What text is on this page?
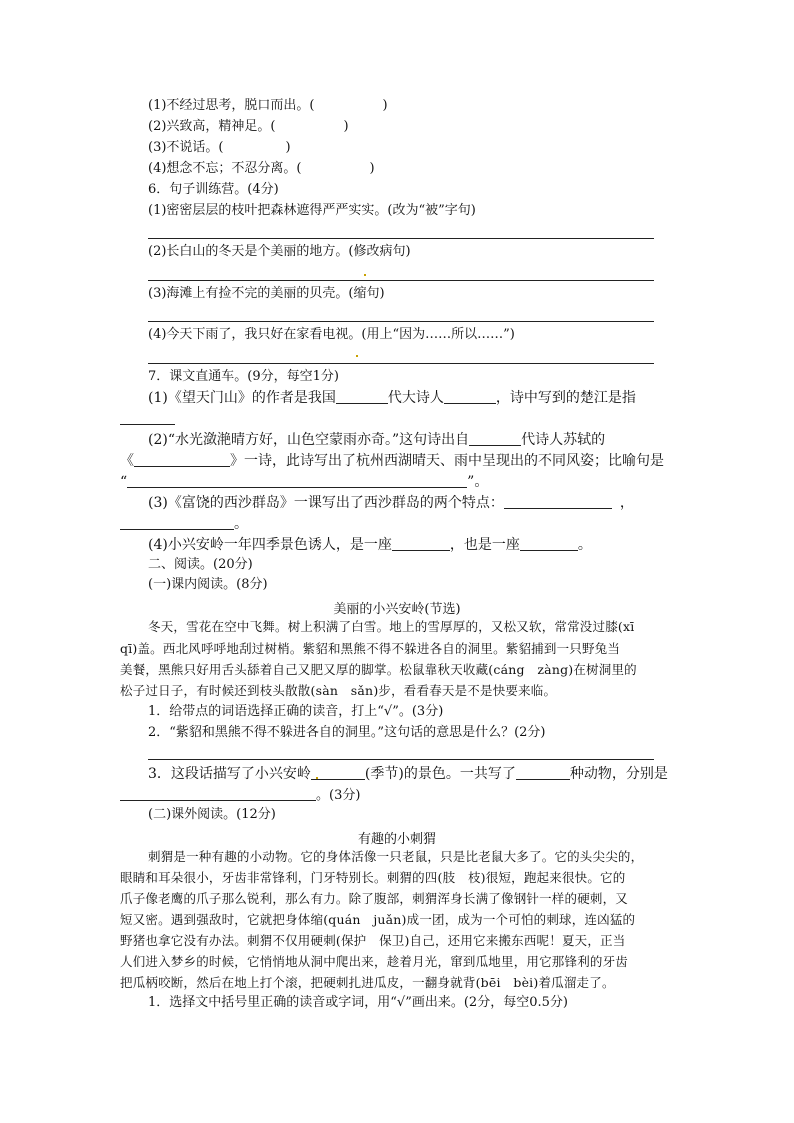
(1)不经过思考，脱口而出。(	)
(2)兴致高，精神足。(	)
(3)不说话。(	)
(4)想念不忘；不忍分离。(	)
6．句子训练营。(4分)
(1)密密层层的枝叶把森林遮得严严实实。(改为“被”字句)
(2)长白山的冬天是个美丽的地方。(修改病句)
(3)海滩上有捡不完的美丽的贝壳。(缩句)
(4)今天下雨了，我只好在家看电视。(用上“因为……所以……”)
7．课文直通车。(9分，每空1分)
(1)《望天门山》的作者是我国	代大诗人	，诗中写到的楚江是指
(2)“水光潋滟晴方好，山色空蒙雨亦奇。”这句诗出自	代诗人苏轼的
《	》一诗，此诗写出了杭州西湖晴天、雨中呈现出的不同风姿；比喻句是
“	”。
(3)《富饶的西沙群岛》一课写出了西沙群岛的两个特点：	，
。
(4)小兴安岭一年四季景色诱人，是一座	，也是一座	。
二、阅读。(20分)
(一)课内阅读。(8分)
美丽的小兴安岭(节选)
冬天，雪花在空中飞舞。树上积满了白雪。地上的雪厚厚的，又松又软，常常没过膝(xī
qī)盖。西北风呼呼地刮过树梢。紫貂和黑熊不得不躲进各自的洞里。紫貂捕到一只野兔当
美餐，黑熊只好用舌头舔着自己又肥又厚的脚掌。松鼠靠秋天收藏(cáng　zàng)在树洞里的
松子过日子，有时候还到枝头散散(sàn　sǎn)步，看看春天是不是快要来临。
1．给带点的词语选择正确的读音，打上“√”。(3分)
2．“紫貂和黑熊不得不躲进各自的洞里。”这句话的意思是什么？(2分)
3．这段话描写了小兴安岭	(季节)的景色。一共写了	种动物，分别是
。(3分)
(二)课外阅读。(12分)
有趣的小刺猬
刺猬是一种有趣的小动物。它的身体活像一只老鼠，只是比老鼠大多了。它的头尖尖的，
眼睛和耳朵很小，牙齿非常锋利，门牙特别长。刺猬的四(肢　枝)很短，跑起来很快。它的
爪子像老鹰的爪子那么锐利，那么有力。除了腹部，刺猬浑身长满了像钢针一样的硬刺，又
短又密。遇到强敌时，它就把身体缩(quán　juǎn)成一团，成为一个可怕的刺球，连凶猛的
野猪也拿它没有办法。刺猬不仅用硬刺(保护　保卫)自己，还用它来搬东西呢！夏天，正当
人们进入梦乡的时候，它悄悄地从洞中爬出来，趁着月光，窜到瓜地里，用它那锋利的牙齿
把瓜柄咬断，然后在地上打个滚，把硬刺扎进瓜皮，一翻身就背(bēi　bèi)着瓜溜走了。
1．选择文中括号里正确的读音或字词，用“√”画出来。(2分，每空0.5分)
